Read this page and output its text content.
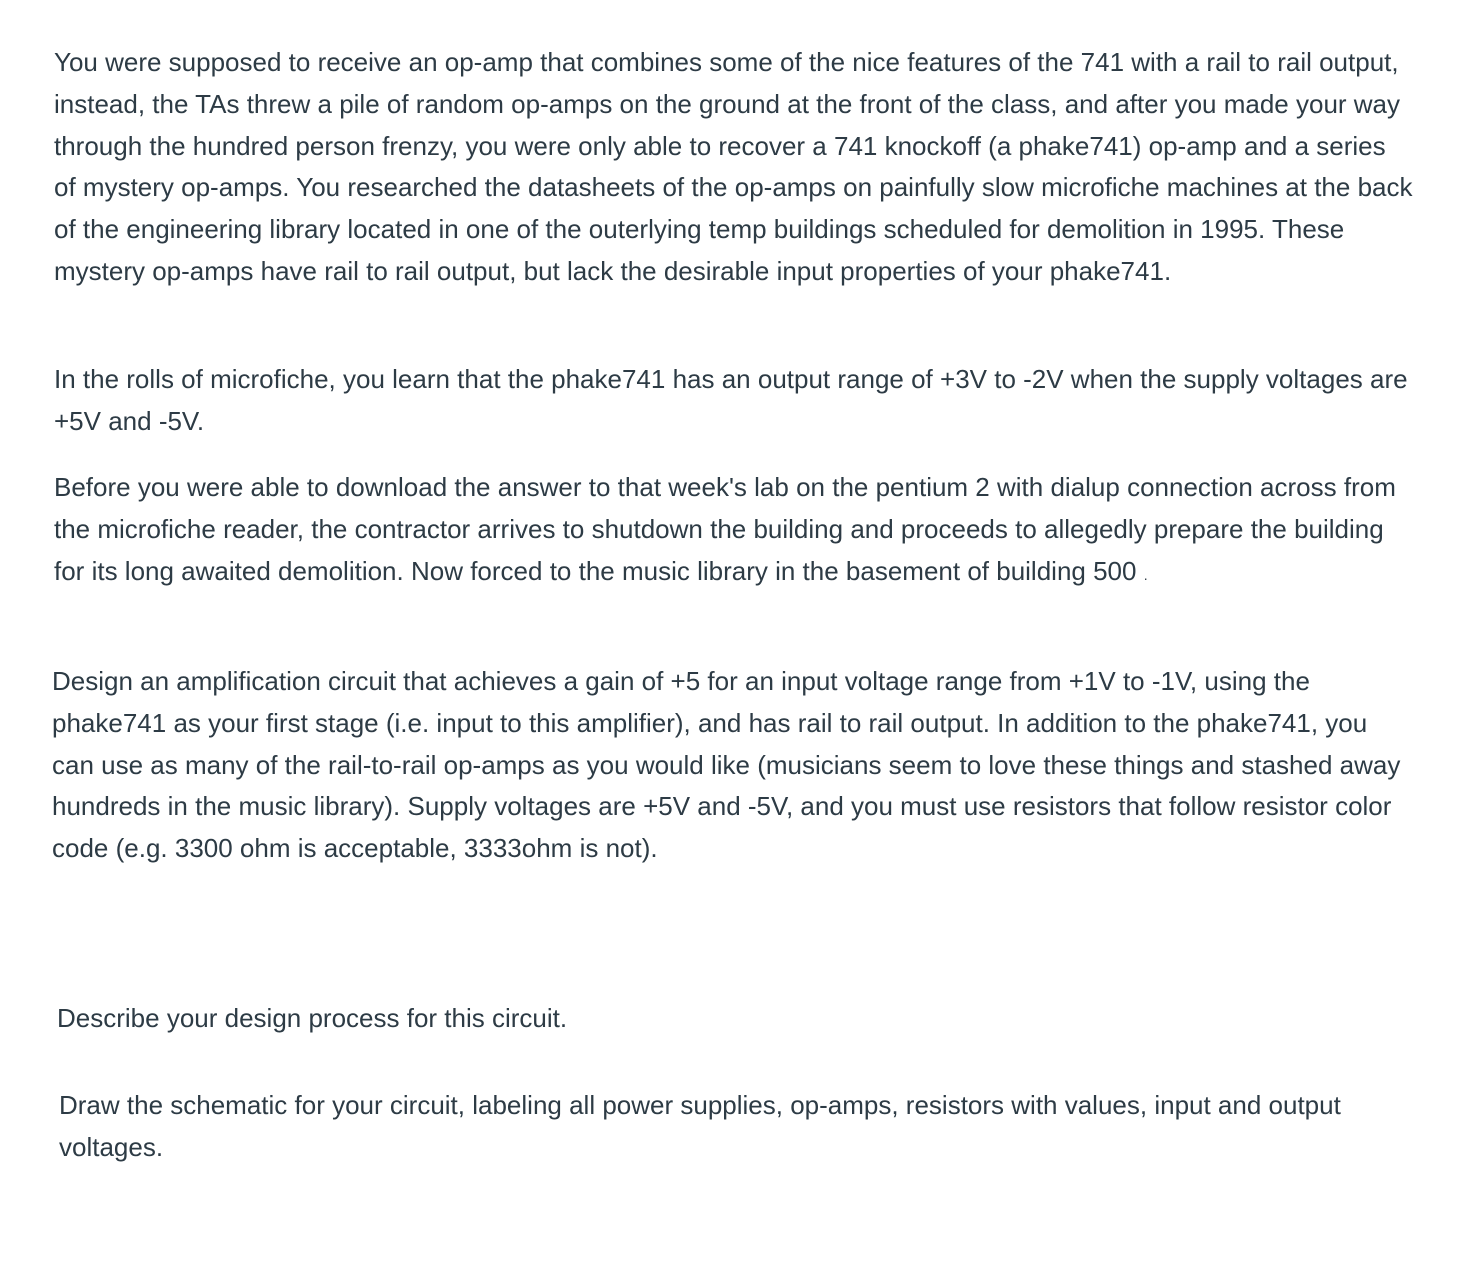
You were supposed to receive an op-amp that combines some of the nice features of the 741 with a rail to rail output, instead, the TAs threw a pile of random op-amps on the ground at the front of the class, and after you made your way through the hundred person frenzy, you were only able to recover a 741 knockoff (a phake741) op-amp and a series of mystery op-amps. You researched the datasheets of the op-amps on painfully slow microfiche machines at the back of the engineering library located in one of the outerlying temp buildings scheduled for demolition in 1995. These mystery op-amps have rail to rail output, but lack the desirable input properties of your phake741.

In the rolls of microfiche, you learn that the phake741 has an output range of +3V to -2V when the supply voltages are +5V and -5V.

Before you were able to download the answer to that week's lab on the pentium 2 with dialup connection across from the microfiche reader, the contractor arrives to shutdown the building and proceeds to allegedly prepare the building for its long awaited demolition. Now forced to the music library in the basement of building 500 .

Design an amplification circuit that achieves a gain of +5 for an input voltage range from +1V to -1V, using the phake741 as your first stage (i.e. input to this amplifier), and has rail to rail output. In addition to the phake741, you can use as many of the rail-to-rail op-amps as you would like (musicians seem to love these things and stashed away hundreds in the music library). Supply voltages are +5V and -5V, and you must use resistors that follow resistor color code (e.g. 3300 ohm is acceptable, 3333ohm is not).

Describe your design process for this circuit.

Draw the schematic for your circuit, labeling all power supplies, op-amps, resistors with values, input and output voltages.
